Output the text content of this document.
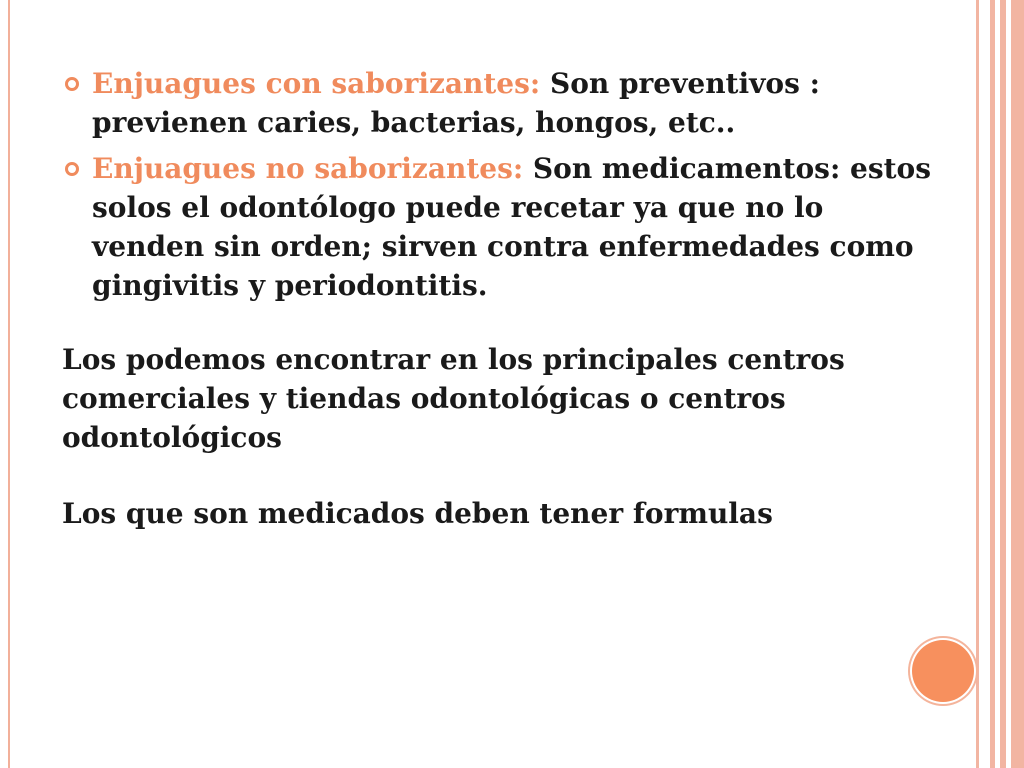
Enjuagues con saborizantes: Son preventivos : previenen caries, bacterias, hongos, etc..
Enjuagues no saborizantes: Son medicamentos: estos solos el odontólogo puede recetar ya que no lo venden sin orden; sirven contra enfermedades como gingivitis y periodontitis.

Los podemos encontrar en los principales centros comerciales y tiendas odontológicas o centros odontológicos

Los que son medicados deben tener formulas
